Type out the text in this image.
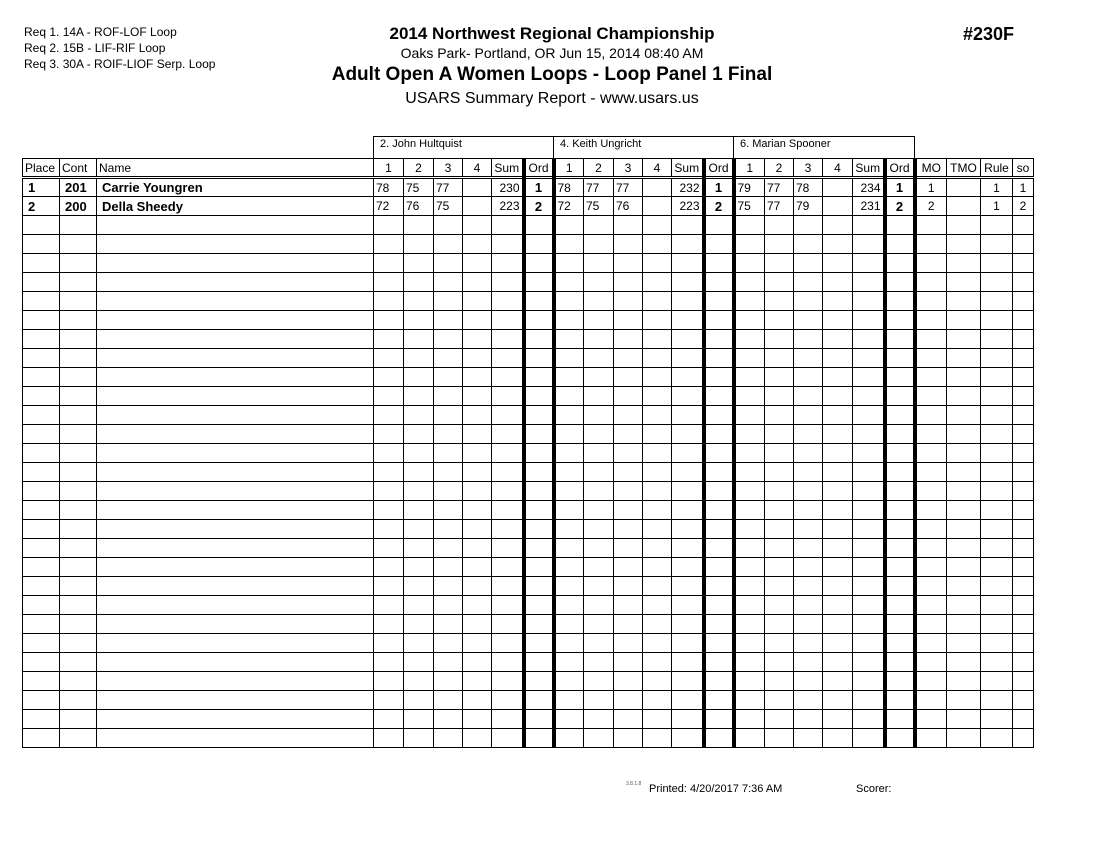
Req 1. 14A - ROF-LOF Loop
Req 2. 15B - LIF-RIF Loop
Req 3. 30A - ROIF-LIOF Serp. Loop
2014 Northwest Regional Championship
Oaks Park- Portland, OR Jun 15, 2014 08:40 AM
Adult Open A Women Loops - Loop Panel 1 Final
USARS Summary Report - www.usars.us
#230F
2. John Hultquist	4. Keith Ungricht	6. Marian Spooner
Place	Cont	Name	1	2	3	4	Sum	Ord	1	2	3	4	Sum	Ord	1	2	3	4	Sum	Ord	MO	TMO	Rule	so
1	201	Carrie Youngren	78	75	77		230	1	78	77	77		232	1	79	77	78		234	1	1		1	1
2	200	Della Sheedy	72	76	75		223	2	72	75	76		223	2	75	77	79		231	2	2		1	2

3.8.1.8 Printed: 4/20/2017 7:36 AM	Scorer:
